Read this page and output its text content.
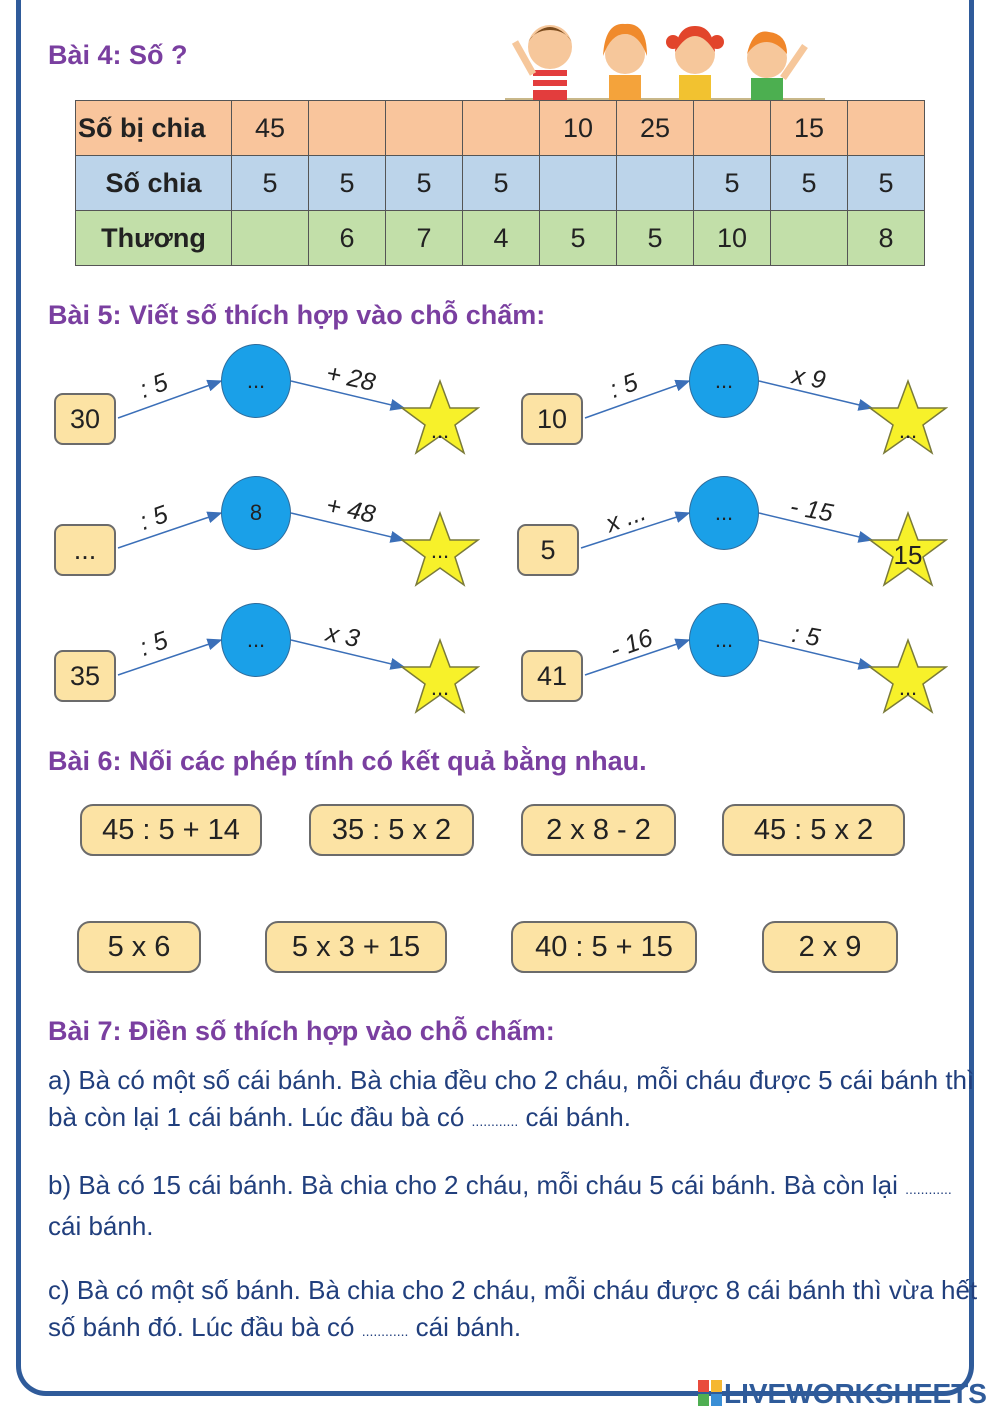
Bài 4: Số ?
Số bị chia	45				10	25		15	
Số chia	5	5	5	5			5	5	5
Thương		6	7	4	5	5	10		8
Bài 5: Viết số thích hợp vào chỗ chấm:
30
: 5	...	+ 28
...	10
: 5	...	x 9
...
...
: 5	8	+ 48
...	5
x ...	...	- 15
15
35
: 5	...	x 3
...	41
- 16	...	: 5
...
Bài 6: Nối các phép tính có kết quả bằng nhau.
45 : 5 + 14	35 : 5 x 2	2 x 8 - 2	45 : 5 x 2
5 x 6	5 x 3 + 15	40 : 5 + 15	2 x 9
Bài 7: Điền số thích hợp vào chỗ chấm:
a) Bà có một số cái bánh. Bà chia đều cho 2 cháu, mỗi cháu được 5 cái bánh thì bà còn lại 1 cái bánh. Lúc đầu bà có ............ cái bánh.
b) Bà có 15 cái bánh. Bà chia cho 2 cháu, mỗi cháu 5 cái bánh. Bà còn lại ............ cái bánh.
c) Bà có một số bánh. Bà chia cho 2 cháu, mỗi cháu được 8 cái bánh thì vừa hết số bánh đó. Lúc đầu bà có ............ cái bánh.
LIVEWORKSHEETS
